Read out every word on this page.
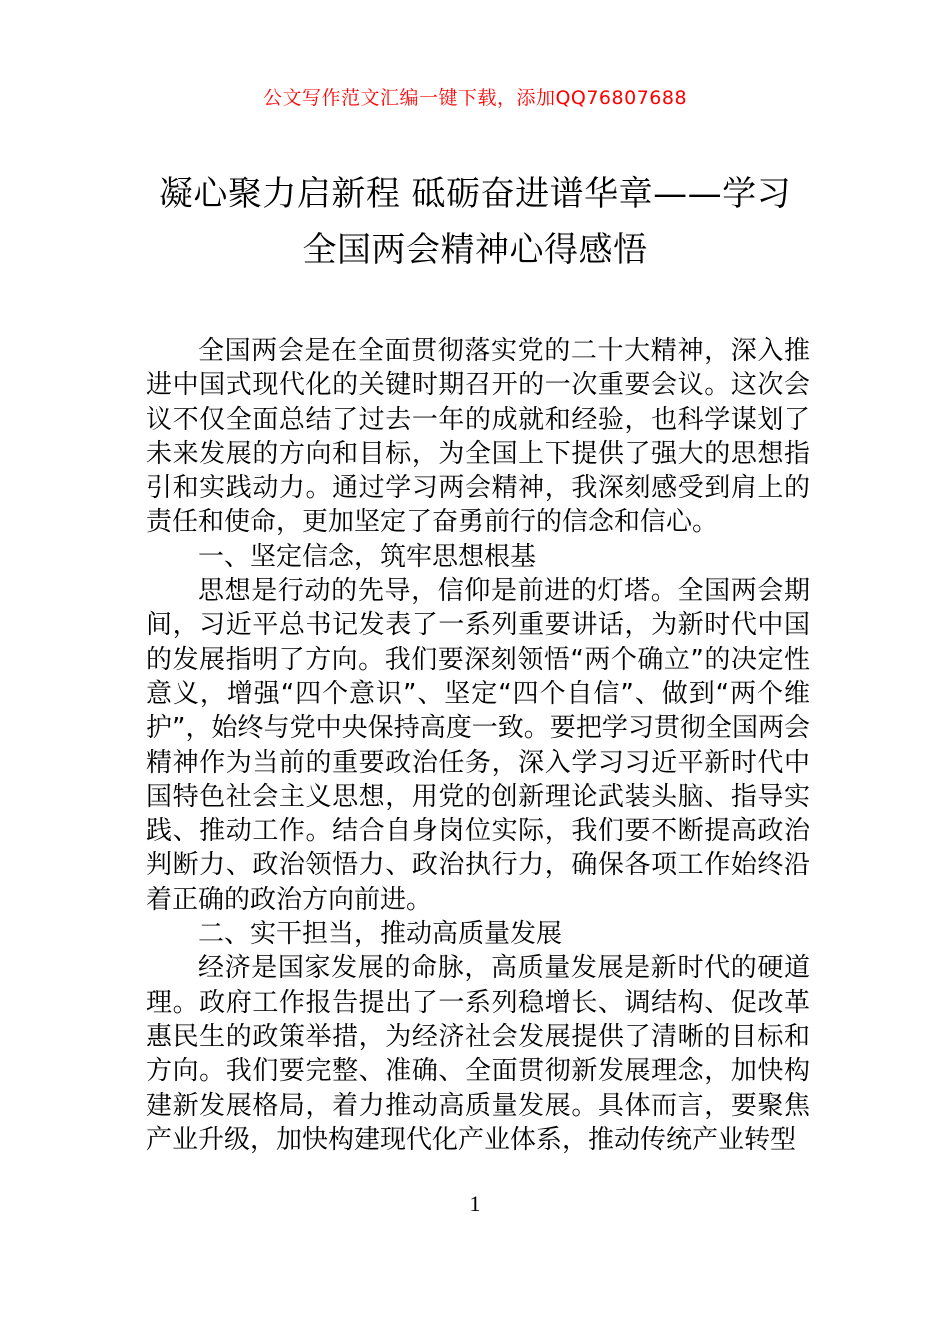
公文写作范文汇编一键下载，添加QQ76807688
凝心聚力启新程 砥砺奋进谱华章——学习
全国两会精神心得感悟

全国两会是在全面贯彻落实党的二十大精神，深入推进中国式现代化的关键时期召开的一次重要会议。这次会议不仅全面总结了过去一年的成就和经验，也科学谋划了未来发展的方向和目标，为全国上下提供了强大的思想指引和实践动力。通过学习两会精神，我深刻感受到肩上的责任和使命，更加坚定了奋勇前行的信念和信心。

一、坚定信念，筑牢思想根基

思想是行动的先导，信仰是前进的灯塔。全国两会期间，习近平总书记发表了一系列重要讲话，为新时代中国的发展指明了方向。我们要深刻领悟“两个确立”的决定性意义，增强“四个意识”、坚定“四个自信”、做到“两个维护”，始终与党中央保持高度一致。要把学习贯彻全国两会精神作为当前的重要政治任务，深入学习习近平新时代中国特色社会主义思想，用党的创新理论武装头脑、指导实践、推动工作。结合自身岗位实际，我们要不断提高政治判断力、政治领悟力、政治执行力，确保各项工作始终沿着正确的政治方向前进。

二、实干担当，推动高质量发展

经济是国家发展的命脉，高质量发展是新时代的硬道理。政府工作报告提出了一系列稳增长、调结构、促改革惠民生的政策举措，为经济社会发展提供了清晰的目标和方向。我们要完整、准确、全面贯彻新发展理念，加快构建新发展格局，着力推动高质量发展。具体而言，要聚焦产业升级，加快构建现代化产业体系，推动传统产业转型

1
